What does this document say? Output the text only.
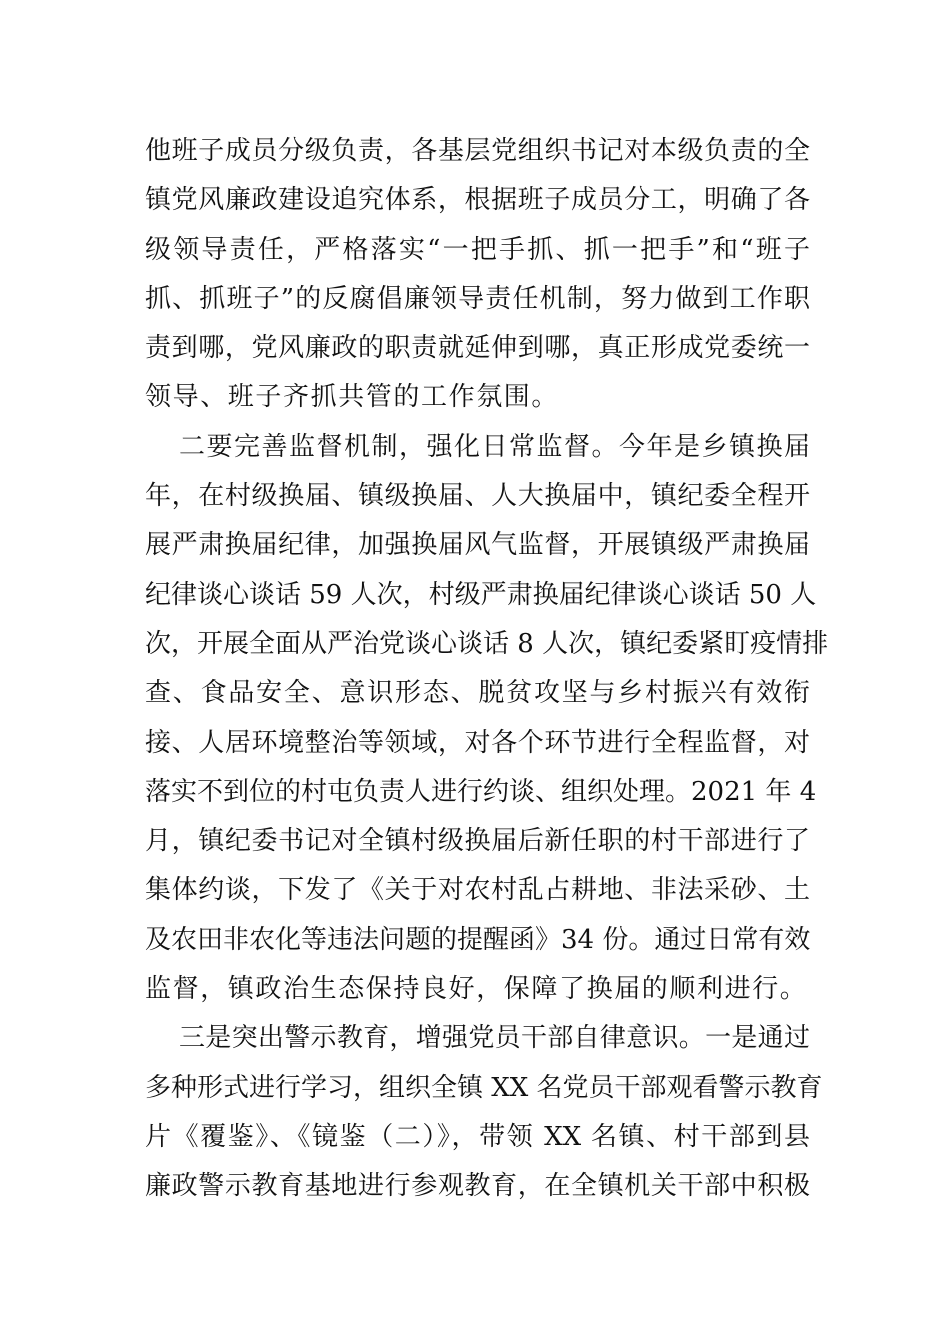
他班子成员分级负责，各基层党组织书记对本级负责的全
镇党风廉政建设追究体系，根据班子成员分工，明确了各
级领导责任，严格落实“一把手抓、抓一把手”和“班子
抓、抓班子”的反腐倡廉领导责任机制，努力做到工作职
责到哪，党风廉政的职责就延伸到哪，真正形成党委统一
领导、班子齐抓共管的工作氛围。
二要完善监督机制，强化日常监督。今年是乡镇换届
年，在村级换届、镇级换届、人大换届中，镇纪委全程开
展严肃换届纪律，加强换届风气监督，开展镇级严肃换届
纪律谈心谈话 59 人次，村级严肃换届纪律谈心谈话 50 人
次，开展全面从严治党谈心谈话 8 人次，镇纪委紧盯疫情排
查、食品安全、意识形态、脱贫攻坚与乡村振兴有效衔
接、人居环境整治等领域，对各个环节进行全程监督，对
落实不到位的村屯负责人进行约谈、组织处理。2021 年 4
月，镇纪委书记对全镇村级换届后新任职的村干部进行了
集体约谈，下发了《关于对农村乱占耕地、非法采砂、土
及农田非农化等违法问题的提醒函》34 份。通过日常有效
监督，镇政治生态保持良好，保障了换届的顺利进行。
三是突出警示教育，增强党员干部自律意识。一是通过
多种形式进行学习，组织全镇 XX 名党员干部观看警示教育
片《覆鉴》、《镜鉴（二）》，带领 XX 名镇、村干部到县
廉政警示教育基地进行参观教育，在全镇机关干部中积极
